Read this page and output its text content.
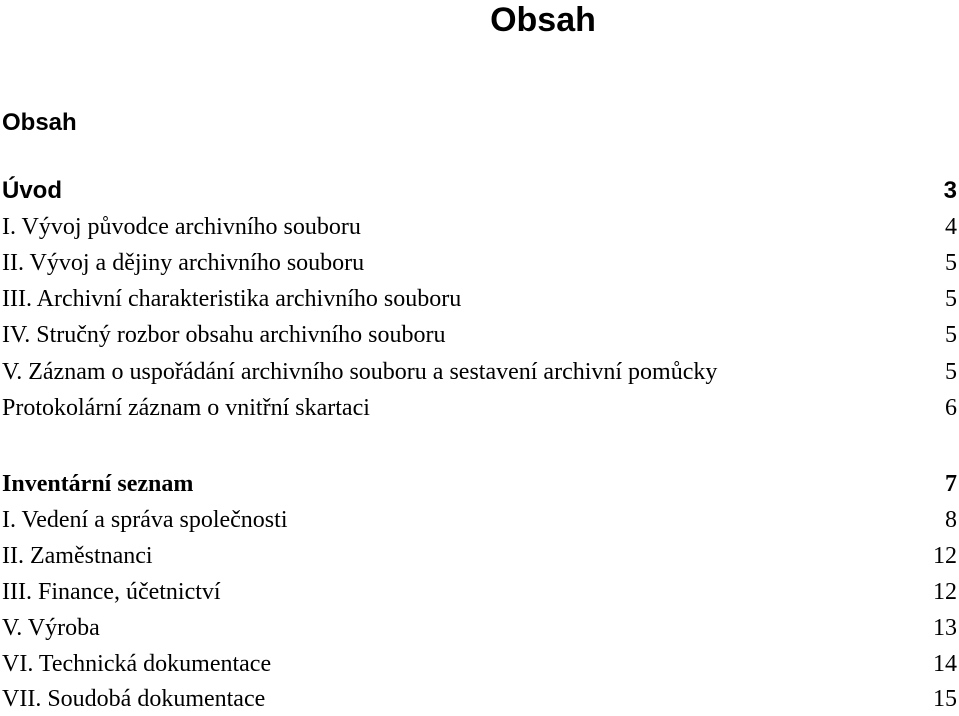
Obsah
Obsah
Úvod	3
I. Vývoj původce archivního souboru	4
II. Vývoj a dějiny archivního souboru	5
III. Archivní charakteristika archivního souboru	5
IV. Stručný rozbor obsahu archivního souboru	5
V. Záznam o uspořádání archivního souboru a sestavení archivní pomůcky	5
Protokolární záznam o vnitřní skartaci	6
Inventární seznam	7
I. Vedení a správa společnosti	8
II. Zaměstnanci	12
III. Finance, účetnictví	12
V. Výroba	13
VI. Technická dokumentace	14
VII. Soudobá dokumentace	15
